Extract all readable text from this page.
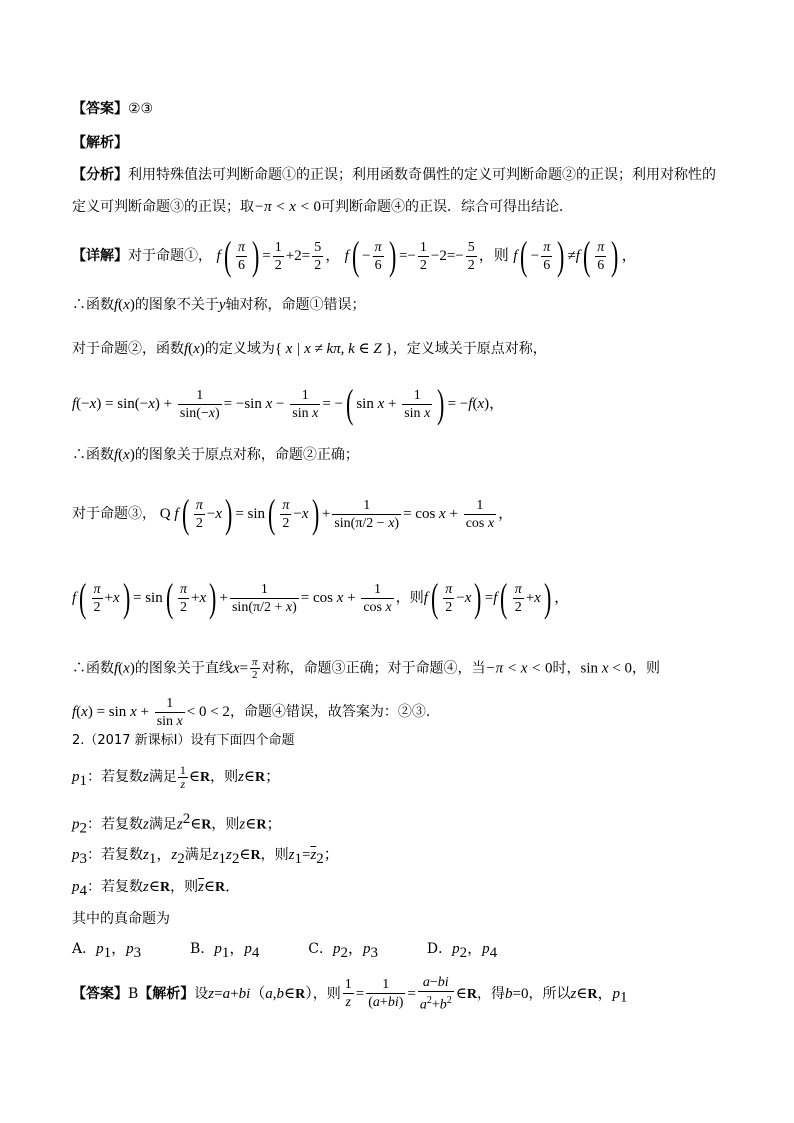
【答案】②③
【解析】
【分析】利用特殊值法可判断命题①的正误；利用函数奇偶性的定义可判断命题②的正误；利用对称性的
定义可判断命题③的正误；取−π < x < 0可判断命题④的正误．综合可得出结论．
【详解】对于命题①， $f( \frac{\pi}{6}$ ) = $\frac{1}{2} +2= \frac{5}{2}$ ， $f( - \frac{\pi}{6}$ ) =− $\frac{1}{2} -2=- \frac{5}{2}$ ，则 $f( - \frac{\pi}{6}$ ) $\ne f( \frac{\pi}{6}$ ) ，
∴函数f(x)的图象不关于y轴对称，命题①错误；
对于命题②，函数f(x)的定义域为{ x | x ≠ kπ, k ∈ Z }，定义域关于原点对称，
$f(-x) = \sin(-x) + \frac{1}{\sin(-x)} = -\sin$ $x - \frac{1}{\text{sin x}}$ = −( $\sin x + \frac{1}{\text{sin x}}$ ) = −f(x)，
∴函数f(x)的图象关于原点对称，命题②正确；
对于命题③， Q $f( \frac{\pi}{2} -x) = \sin( \frac{\pi}{2} -x) + \frac{1}{\sin(\pi/2 - x)} = \cos x + \frac{1}{\text{cos x}}$ ，
$f( \frac{\pi}{2} +x) = \sin( \frac{\pi}{2} +x) + \frac{1}{\sin(\pi/2 + x)} = \cos x + \frac{1}{\text{cos x}}$ ，则$f( \frac{\pi}{2} -x) =f( \frac{\pi}{2} +x)$ ，
∴函数f(x)的图象关于直线$x= \frac{\pi}{2}$ 对称，命题③正确；对于命题④，当−π < x < 0时，sin x < 0，则
$f(x) = \sin x + \frac{1}{\text{sin x}} < 0 < 2$，命题④错误，故答案为：②③．
2.（2017 新课标Ⅰ）设有下面四个命题
$p_1$：若复数z满足 $\frac{1}{z}$ ∈R，则z∈R；
$p_2$：若复数z满足$z^2\in R$，则z∈R；
$p_3$：若复数$z_1$，$z_2$满足$z_1z_2\in R$，则$z_1=\overline{z}_2$；
$p_4$：若复数z∈R，则$\overline{z}\in R$．
其中的真命题为
A．$p_1$，$p_3$	B．$p_1$，$p_4$	C．$p_2$，$p_3$	D．$p_2$，$p_4$
【答案】B【解析】设z=a+bi（a,b∈R），则 $\frac{1}{z} = \frac{1}{(a+bi)} = \frac{a-bi}{a^2+b^2}$ ∈R，得b=0，所以z∈R，$p_1$
